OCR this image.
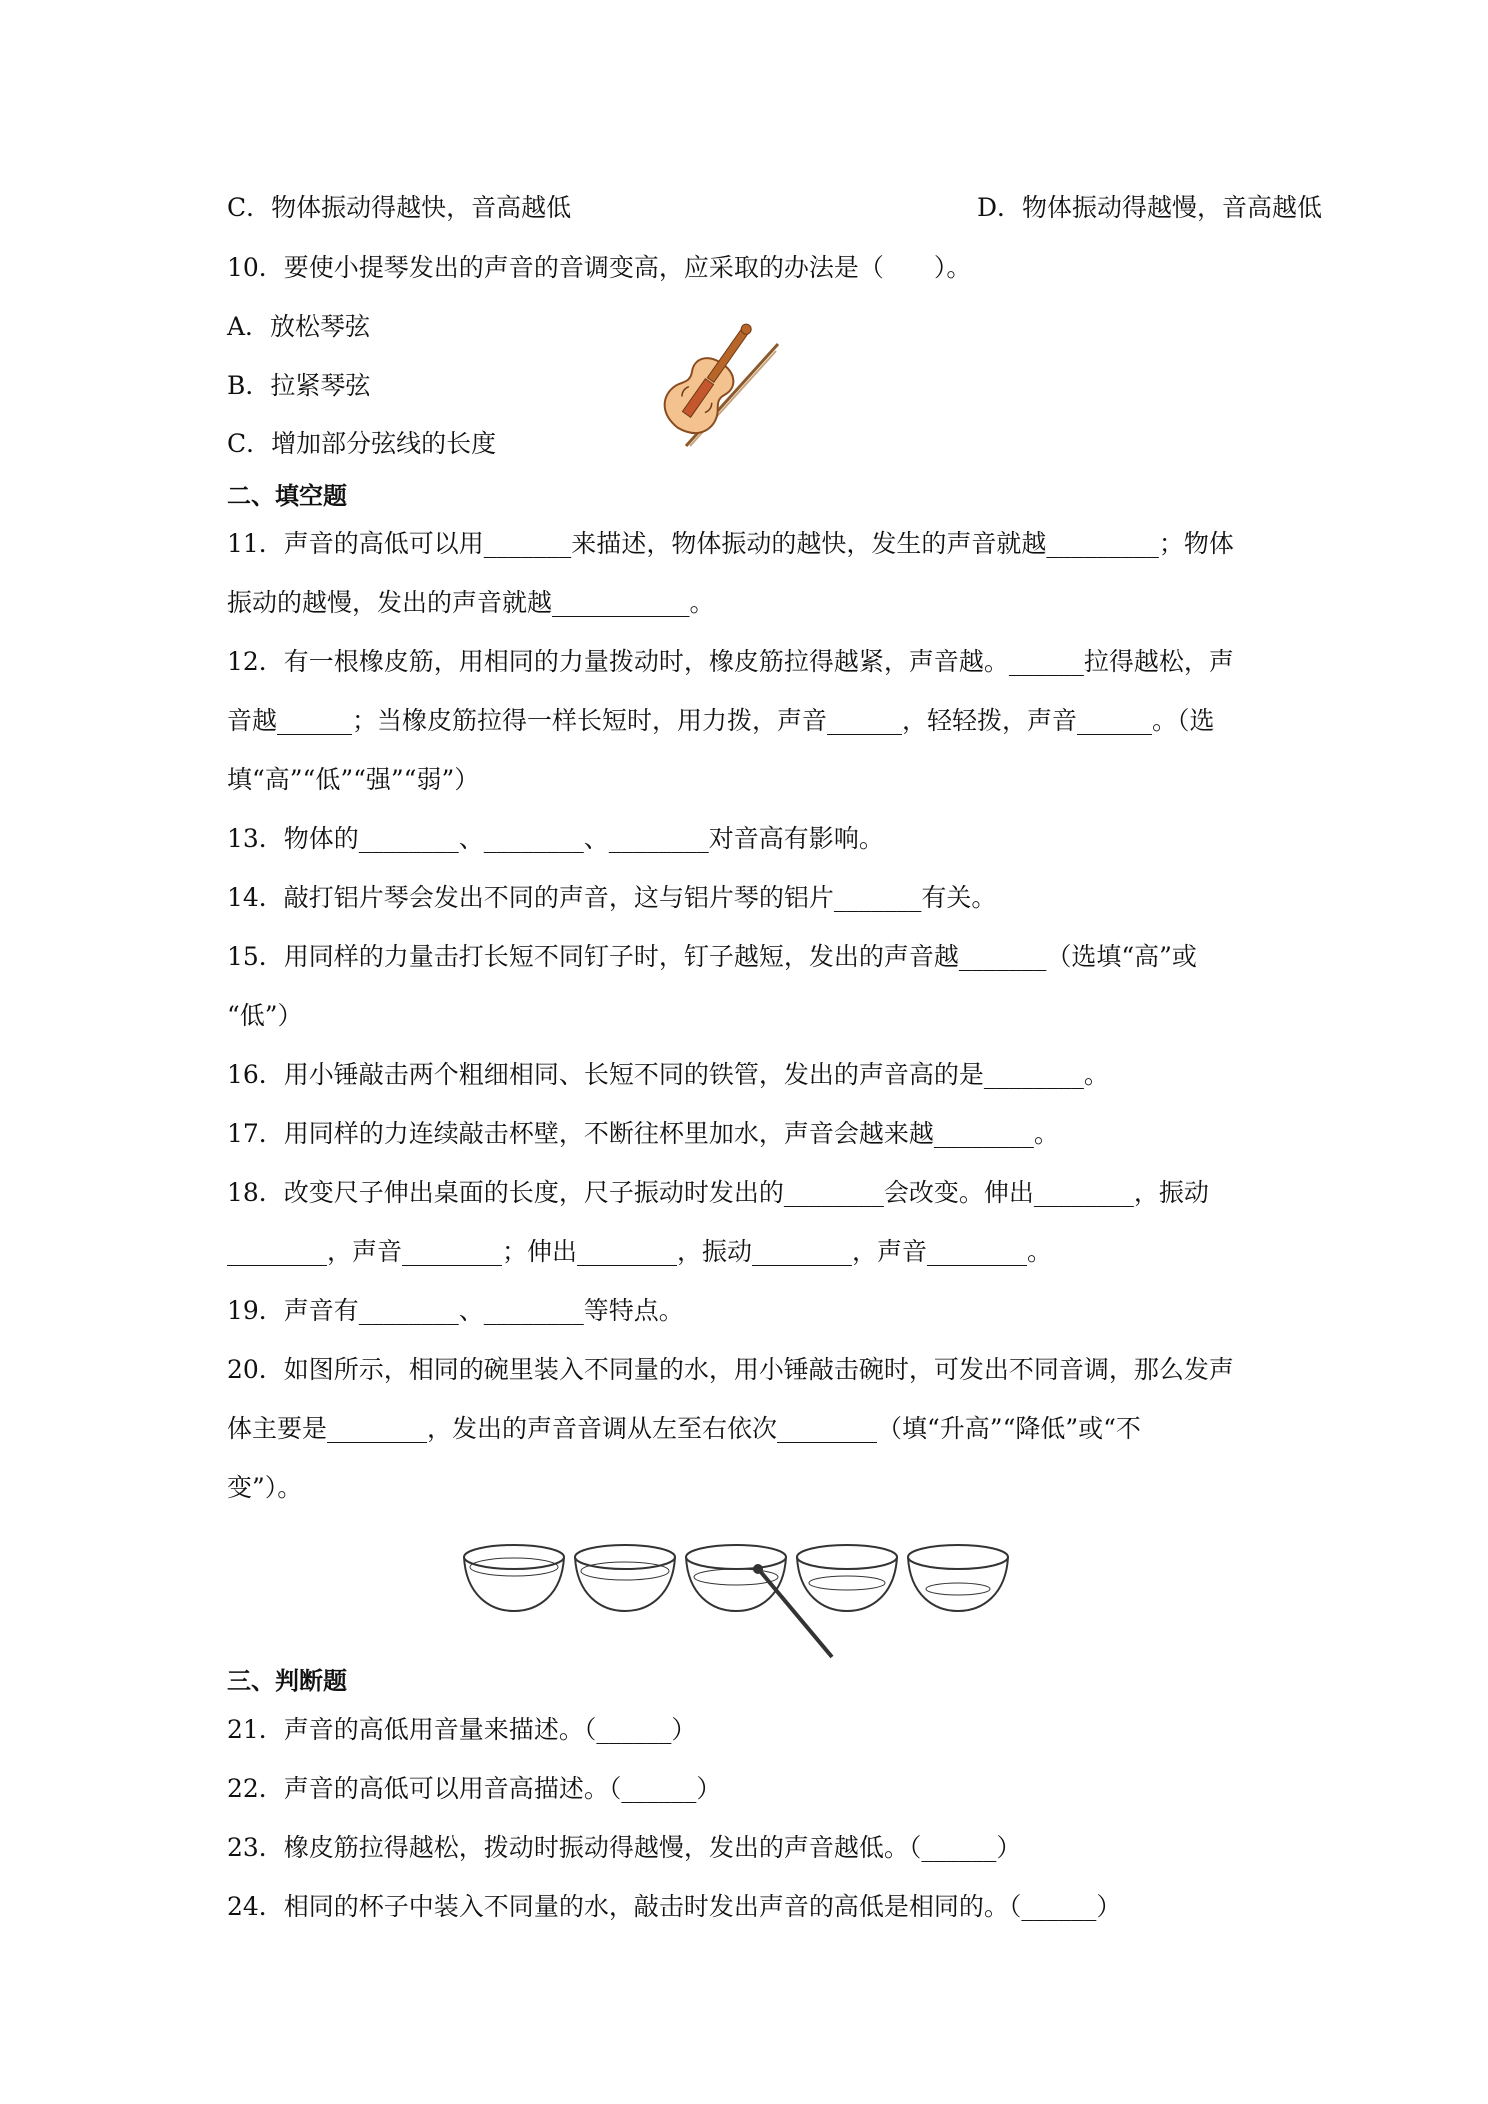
C．物体振动得越快，音高越低	D．物体振动得越慢，音高越低

10．要使小提琴发出的声音的音调变高，应采取的办法是（　　）。

A．放松琴弦

B．拉紧琴弦

C．增加部分弦线的长度

二、填空题

11．声音的高低可以用_______来描述，物体振动的越快，发生的声音就越_________；物体

振动的越慢，发出的声音就越___________。

12．有一根橡皮筋，用相同的力量拨动时，橡皮筋拉得越紧，声音越。______拉得越松，声

音越______；当橡皮筋拉得一样长短时，用力拨，声音______，轻轻拨，声音______。（选

填“高”“低”“强”“弱”）

13．物体的________、________、________对音高有影响。

14．敲打铝片琴会发出不同的声音，这与铝片琴的铝片_______有关。

15．用同样的力量击打长短不同钉子时，钉子越短，发出的声音越_______（选填“高”或

“低”）

16．用小锤敲击两个粗细相同、长短不同的铁管，发出的声音高的是________。

17．用同样的力连续敲击杯壁，不断往杯里加水，声音会越来越________。

18．改变尺子伸出桌面的长度，尺子振动时发出的________会改变。伸出________，振动

________，声音________；伸出________，振动________，声音________。

19．声音有________、________等特点。

20．如图所示，相同的碗里装入不同量的水，用小锤敲击碗时，可发出不同音调，那么发声

体主要是________，发出的声音音调从左至右依次________（填“升高”“降低”或“不

变”）。

三、判断题

21．声音的高低用音量来描述。（______）

22．声音的高低可以用音高描述。（______）

23．橡皮筋拉得越松，拨动时振动得越慢，发出的声音越低。（______）

24．相同的杯子中装入不同量的水，敲击时发出声音的高低是相同的。（______）
